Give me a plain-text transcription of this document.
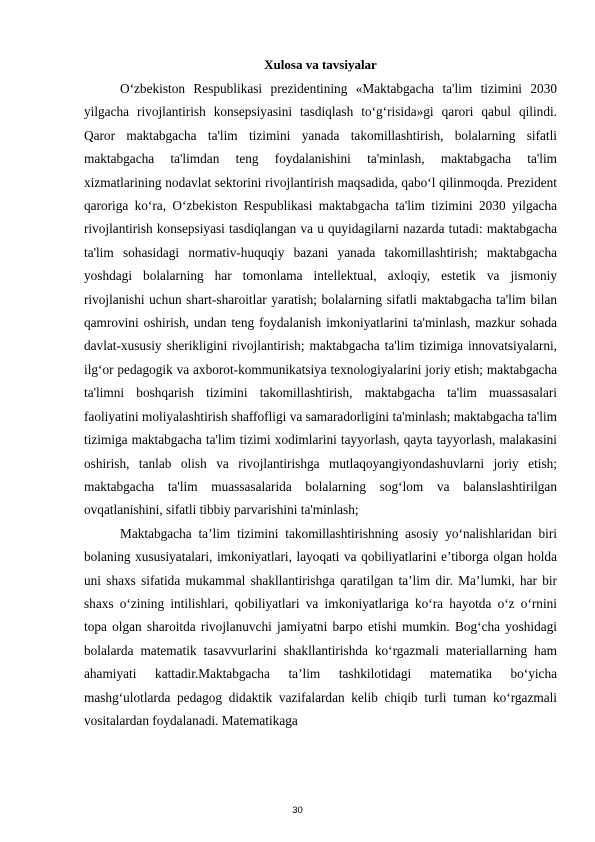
Xulosa va tavsiyalar

O‘zbekiston Respublikasi prezidentining «Maktabgacha ta'lim tizimini 2030 yilgacha rivojlantirish konsepsiyasini tasdiqlash to‘g‘risida»gi qarori qabul qilindi. Qaror maktabgacha ta'lim tizimini yanada takomillashtirish, bolalarning sifatli maktabgacha ta'limdan teng foydalanishini ta'minlash, maktabgacha ta'lim xizmatlarining nodavlat sektorini rivojlantirish maqsadida, qabo‘l qilinmoqda. Prezident qaroriga ko‘ra, O‘zbekiston Respublikasi maktabgacha ta'lim tizimini 2030 yilgacha rivojlantirish konsepsiyasi tasdiqlangan va u quyidagilarni nazarda tutadi: maktabgacha ta'lim sohasidagi normativ-huquqiy bazani yanada takomillashtirish; maktabgacha yoshdagi bolalarning har tomonlama intellektual, axloqiy, estetik va jismoniy rivojlanishi uchun shart-sharoitlar yaratish; bolalarning sifatli maktabgacha ta'lim bilan qamrovini oshirish, undan teng foydalanish imkoniyatlarini ta'minlash, mazkur sohada davlat-xususiy sherikligini rivojlantirish; maktabgacha ta'lim tizimiga innovatsiyalarni, ilg‘or pedagogik va axborot-kommunikatsiya texnologiyalarini joriy etish; maktabgacha ta'limni boshqarish tizimini takomillashtirish, maktabgacha ta'lim muassasalari faoliyatini moliyalashtirish shaffofligi va samaradorligini ta'minlash; maktabgacha ta'lim tizimiga maktabgacha ta'lim tizimi xodimlarini tayyorlash, qayta tayyorlash, malakasini oshirish, tanlab olish va rivojlantirishga mutlaqoyangiyondashuvlarni joriy etish; maktabgacha ta'lim muassasalarida bolalarning sog‘lom va balanslashtirilgan ovqatlanishini, sifatli tibbiy parvarishini ta'minlash;

Maktabgacha ta’lim tizimini takomillashtirishning asosiy yo‘nalishlaridan biri bolaning xususiyatalari, imkoniyatlari, layoqati va qobiliyatlarini e’tiborga olgan holda uni shaxs sifatida mukammal shakllantirishga qaratilgan ta’lim dir. Ma’lumki, har bir shaxs o‘zining intilishlari, qobiliyatlari va imkoniyatlariga ko‘ra hayotda o‘z o‘rnini topa olgan sharoitda rivojlanuvchi jamiyatni barpo etishi mumkin. Bog‘cha yoshidagi bolalarda matematik tasavvurlarini shakllantirishda ko‘rgazmali materiallarning ham ahamiyati kattadir.Maktabgacha ta’lim tashkilotidagi matematika bo‘yicha mashg‘ulotlarda pedagog didaktik vazifalardan kelib chiqib turli tuman ko‘rgazmali vositalardan foydalanadi. Matematikaga

30
